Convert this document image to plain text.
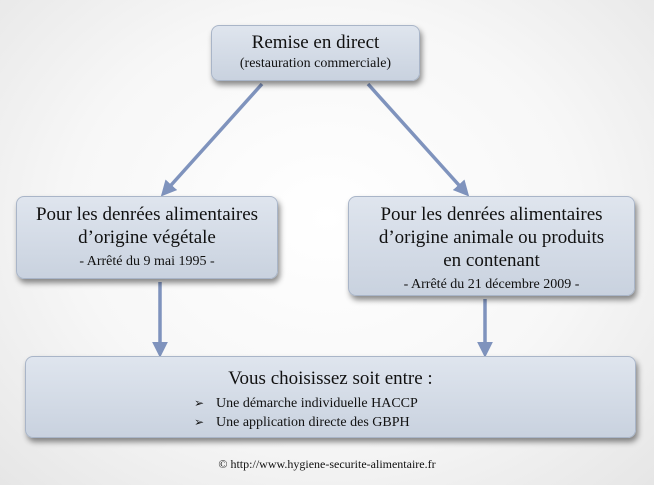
Remise en direct
(restauration commerciale)
Pour les denrées alimentaires
d’origine végétale
- Arrêté du 9 mai 1995 -
Pour les denrées alimentaires
d’origine animale ou produits
en contenant
- Arrêté du 21 décembre 2009 -
Vous choisissez soit entre :
➢ Une démarche individuelle HACCP
➢ Une application directe des GBPH
© http://www.hygiene-securite-alimentaire.fr
